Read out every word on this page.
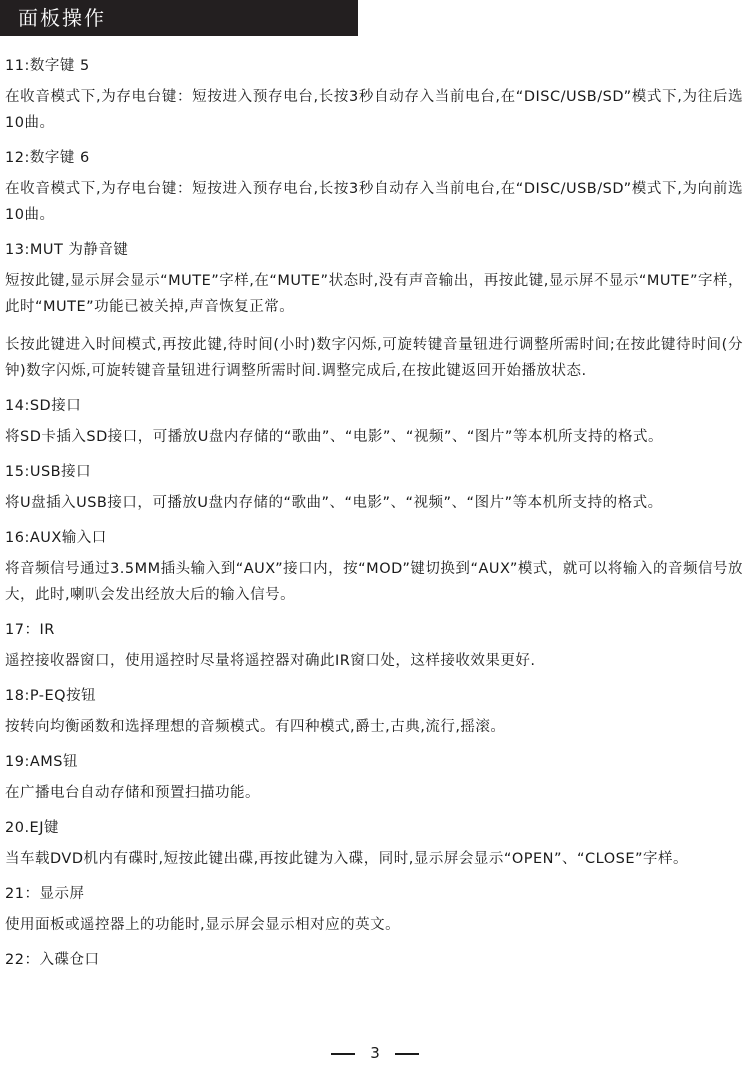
面板操作
11:数字键 5
在收音模式下,为存电台键：短按进入预存电台,长按3秒自动存入当前电台,在“DISC/USB/SD”模式下,为往后选10曲。
12:数字键 6
在收音模式下,为存电台键：短按进入预存电台,长按3秒自动存入当前电台,在“DISC/USB/SD”模式下,为向前选10曲。
13:MUT 为静音键
短按此键,显示屏会显示“MUTE”字样,在“MUTE”状态时,没有声音输出，再按此键,显示屏不显示“MUTE”字样，此时“MUTE”功能已被关掉,声音恢复正常。
长按此键进入时间模式,再按此键,待时间(小时)数字闪烁,可旋转键音量钮进行调整所需时间;在按此键待时间(分钟)数字闪烁,可旋转键音量钮进行调整所需时间.调整完成后,在按此键返回开始播放状态.
14:SD接口
将SD卡插入SD接口，可播放U盘内存储的“歌曲”、“电影”、“视频”、“图片”等本机所支持的格式。
15:USB接口
将U盘插入USB接口，可播放U盘内存储的“歌曲”、“电影”、“视频”、“图片”等本机所支持的格式。
16:AUX输入口
将音频信号通过3.5MM插头输入到“AUX”接口内，按“MOD”键切换到“AUX”模式，就可以将输入的音频信号放大，此时,喇叭会发出经放大后的输入信号。
17：IR
遥控接收器窗口，使用遥控时尽量将遥控器对确此IR窗口处，这样接收效果更好.
18:P-EQ按钮
按转向均衡函数和选择理想的音频模式。有四种模式,爵士,古典,流行,摇滚。
19:AMS钮
在广播电台自动存储和预置扫描功能。
20.EJ键
当车载DVD机内有碟时,短按此键出碟,再按此键为入碟，同时,显示屏会显示“OPEN”、“CLOSE”字样。
21：显示屏
使用面板或遥控器上的功能时,显示屏会显示相对应的英文。
22：入碟仓口
3
